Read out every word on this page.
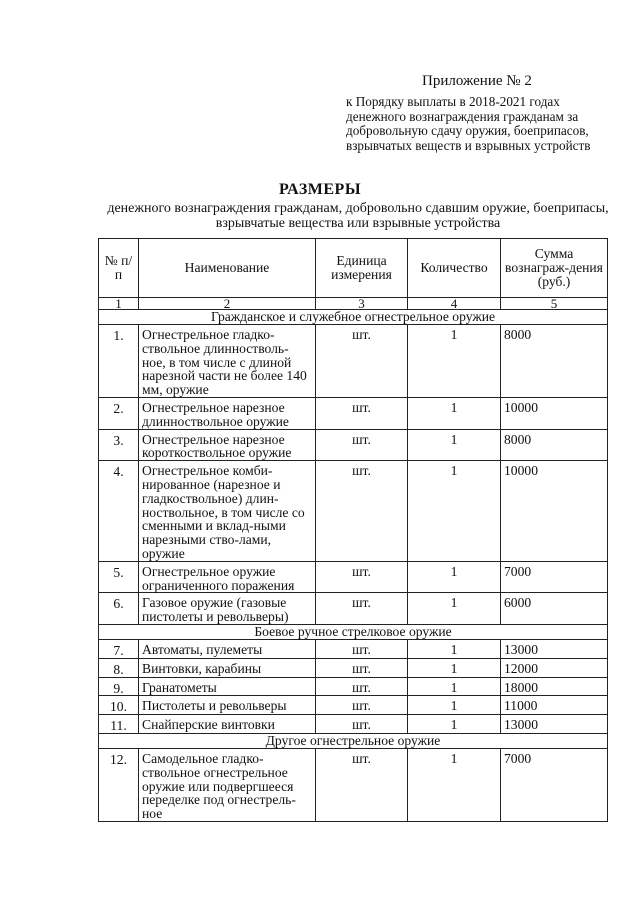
Приложение № 2
к Порядку выплаты в 2018-2021 годах денежного вознаграждения гражданам за добровольную сдачу оружия, боеприпасов, взрывчатых веществ и взрывных устройств
РАЗМЕРЫ
денежного вознаграждения гражданам, добровольно сдавшим оружие, боеприпасы, взрывчатые вещества или взрывные устройства
№ п/п	Наименование	Единица измерения	Количество	Сумма вознаграж-дения (руб.)
1	2	3	4	5
Гражданское и служебное огнестрельное оружие				
1.	Огнестрельное гладко-ствольное длинностволь-ное, в том числе с длиной нарезной части не более 140 мм, оружие	шт.	1	8000
2.	Огнестрельное нарезное длинноствольное оружие	шт.	1	10000
3.	Огнестрельное нарезное короткоствольное оружие	шт.	1	8000
4.	Огнестрельное комби-нированное (нарезное и гладкоствольное) длин-ноствольное, в том числе со сменными и вклад-ными нарезными ство-лами, оружие	шт.	1	10000
5.	Огнестрельное оружие ограниченного поражения	шт.	1	7000
6.	Газовое оружие (газовые пистолеты и револьверы)	шт.	1	6000
Боевое ручное стрелковое оружие				
7.	Автоматы, пулеметы	шт.	1	13000
8.	Винтовки, карабины	шт.	1	12000
9.	Гранатометы	шт.	1	18000
10.	Пистолеты и револьверы	шт.	1	11000
11.	Снайперские винтовки	шт.	1	13000
Другое огнестрельное оружие				
12.	Самодельное гладко-ствольное огнестрельное оружие или подвергшееся переделке под огнестрель-ное	шт.	1	7000
